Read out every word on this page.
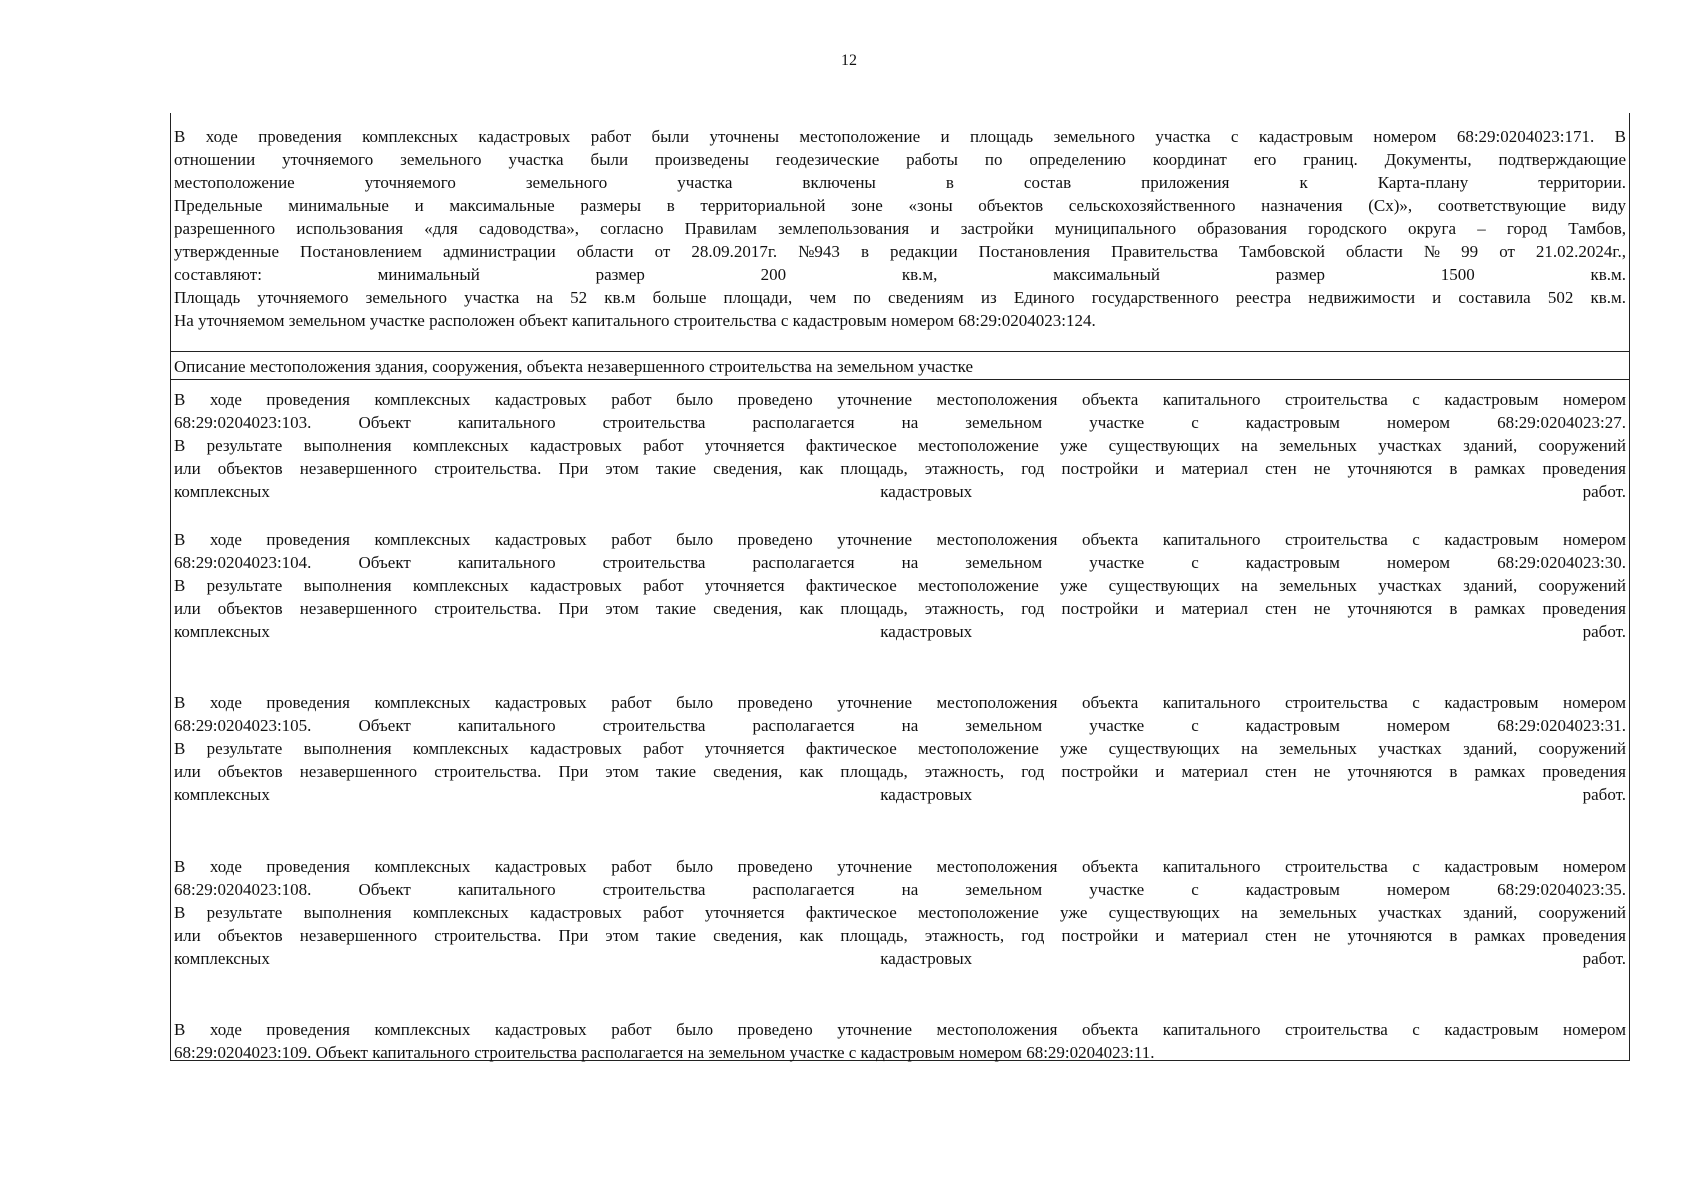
12
В ходе проведения комплексных кадастровых работ были уточнены местоположение и площадь земельного участка с кадастровым номером 68:29:0204023:171. В
отношении уточняемого земельного участка были произведены геодезические работы по определению координат его границ. Документы, подтверждающие
местоположение уточняемого земельного участка включены в состав приложения к Карта-плану территории.
Предельные минимальные и максимальные размеры в территориальной зоне «зоны объектов сельскохозяйственного назначения (Сх)», соответствующие виду
разрешенного использования «для садоводства», согласно Правилам землепользования и застройки муниципального образования городского округа – город Тамбов,
утвержденные Постановлением администрации области от 28.09.2017г. №943 в редакции Постановления Правительства Тамбовской области № 99 от 21.02.2024г.,
составляют: минимальный размер 200 кв.м, максимальный размер 1500 кв.м.
Площадь уточняемого земельного участка на 52 кв.м больше площади, чем по сведениям из Единого государственного реестра недвижимости и составила 502 кв.м.
На уточняемом земельном участке расположен объект капитального строительства с кадастровым номером 68:29:0204023:124.
Описание местоположения здания, сооружения, объекта незавершенного строительства на земельном участке
В ходе проведения комплексных кадастровых работ было проведено уточнение местоположения объекта капитального строительства с кадастровым номером
68:29:0204023:103. Объект капитального строительства располагается на земельном участке с кадастровым номером 68:29:0204023:27.
В результате выполнения комплексных кадастровых работ уточняется фактическое местоположение уже существующих на земельных участках зданий, сооружений
или объектов незавершенного строительства. При этом такие сведения, как площадь, этажность, год постройки и материал стен не уточняются в рамках проведения
комплексных кадастровых работ.
В ходе проведения комплексных кадастровых работ было проведено уточнение местоположения объекта капитального строительства с кадастровым номером
68:29:0204023:104. Объект капитального строительства располагается на земельном участке с кадастровым номером 68:29:0204023:30.
В результате выполнения комплексных кадастровых работ уточняется фактическое местоположение уже существующих на земельных участках зданий, сооружений
или объектов незавершенного строительства. При этом такие сведения, как площадь, этажность, год постройки и материал стен не уточняются в рамках проведения
комплексных кадастровых работ.
В ходе проведения комплексных кадастровых работ было проведено уточнение местоположения объекта капитального строительства с кадастровым номером
68:29:0204023:105. Объект капитального строительства располагается на земельном участке с кадастровым номером 68:29:0204023:31.
В результате выполнения комплексных кадастровых работ уточняется фактическое местоположение уже существующих на земельных участках зданий, сооружений
или объектов незавершенного строительства. При этом такие сведения, как площадь, этажность, год постройки и материал стен не уточняются в рамках проведения
комплексных кадастровых работ.
В ходе проведения комплексных кадастровых работ было проведено уточнение местоположения объекта капитального строительства с кадастровым номером
68:29:0204023:108. Объект капитального строительства располагается на земельном участке с кадастровым номером 68:29:0204023:35.
В результате выполнения комплексных кадастровых работ уточняется фактическое местоположение уже существующих на земельных участках зданий, сооружений
или объектов незавершенного строительства. При этом такие сведения, как площадь, этажность, год постройки и материал стен не уточняются в рамках проведения
комплексных кадастровых работ.
В ходе проведения комплексных кадастровых работ было проведено уточнение местоположения объекта капитального строительства с кадастровым номером
68:29:0204023:109. Объект капитального строительства располагается на земельном участке с кадастровым номером 68:29:0204023:11.
